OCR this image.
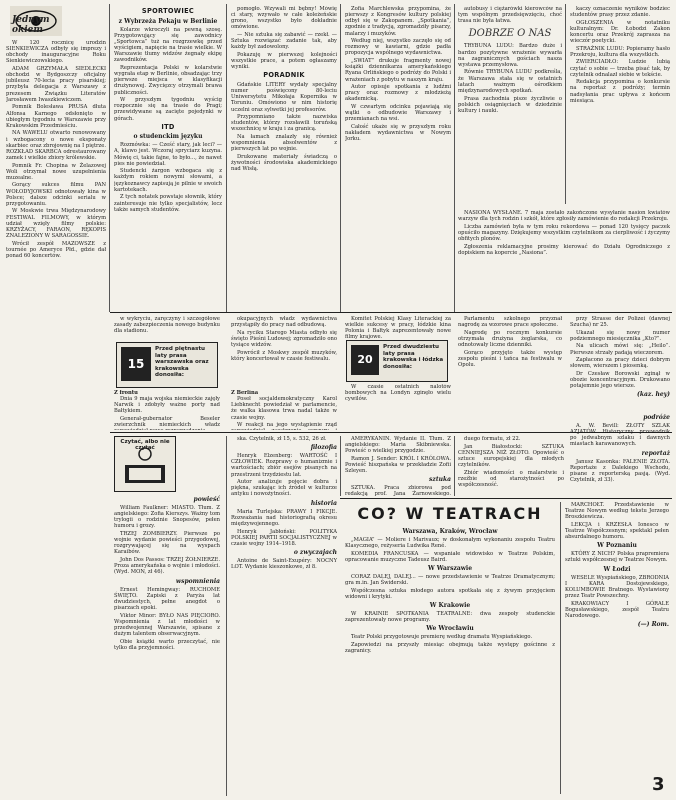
Jednym okiem

W 120 rocznicę urodzin SIENKIEWICZA odbyły się imprezy i obchody inauguracyjne Roku Sienkiewiczowskiego.

ADAM GRZYMAŁA SIEDLECKI obchodzi w Bydgoszczy oficjalny jubileusz 70-lecia pracy pisarskiej; przybyła delegacja z Warszawy z prezesem Związku Literatów Jarosławem Iwaszkiewiczem.

Pomnik Bolesława PRUSA dłuta Alfonsa Karnego odsłonięto w ubiegłym tygodniu w Warszawie przy Krakowskim Przedmieściu.

NA WAWELU otwarto renowowany i wzbogacony o nowe eksponaty skarbiec oraz zbrojownię na I piętrze. ROZKŁAD SKARBCA odrestaurowany zamek i wielkie zbiory królewskie.

Pomnik Fr. Chopina w Żelazowej Woli otrzymał nowe uzupełnienia muzealne.

Gorący sukces filmu PAN WOŁODYJOWSKI odnotowały kina w Polsce; dalsze odcinki serialu w przygotowaniu.

W Moskwie trwa Międzynarodowy FESTIWAL FILMOWY, w którym udział wzięły filmy polskie: KRZYŻACY, FARAON, RĘKOPIS ZNALEZIONY W SARAGOSSIE.

Wrócił zespół MAZOWSZE z tournée po Ameryce Płd., gdzie dał ponad 60 koncertów.

SPORTOWIEC
z Wybrzeża Pekaju w Berlinie

Kolarze wkroczyli na pewną szosę. Przygotowujący się zawodnicy „Sportowca” tuż na rozgrzewkę przed wyścigiem, napięcie na trasie wielkie. W Warszawie tłumy widzów żegnały ekipę zawodników.

Reprezentacja Polski w kolarstwie wygrała etap w Berlinie, obsadzając trzy pierwsze miejsca w klasyfikacji drużynowej. Zwycięzcy otrzymali brawa publiczności.

W przyszłym tygodniu wyścig rozpocznie się na trasie do Pragi; przewidywane są zacięte pojedynki w górach.

ITD
o studenckim języku

Rozmówka: — Cześć stary, jak leci? — A, klawo jest. Wczoraj spryciarz kuzyna. Mówię ci, takie fajne, to było..., że nawet pies nie powiedział.

Studencki żargon wzbogaca się z każdym rokiem nowymi słowami, a językoznawcy zapisują je pilnie w swoich kartotekach.

Z tych notatek powstaje słownik, który zainteresuje nie tylko specjalistów, lecz także samych studentów.

pomogło. Wzywali mi bębny! Mówię ci stary, wzywało w całe koleżeńskie grono, wszystko było dokładnie omówione.

— Nie sztuka się zabawić — rzekł. — Sztuka rozwiązać zadanie tak, aby każdy był zadowolony.

Pokazuję w pierwszej kolejności wszystkie prace, a potem ogłaszamy wyniki.

PORADNIK

Gdańskie LITERY wydały specjalny numer poświęcony 80-leciu Uniwersytetu Mikołaja Kopernika w Toruniu. Omówiono w nim historię uczelni oraz sylwetki jej profesorów.

Przypomniano także nazwiska studentów, którzy rozsławili toruńską wszechnicę w kraju i za granicą.

Na łamach znalazły się również wspomnienia absolwentów z pierwszych lat po wojnie.

Drukowane materiały świadczą o żywotności środowiska akademickiego nad Wisłą.

Zofia Marchlewska przypomina, że pierwszy z Kongresów kultury polskiej odbył się w Zakopanem. „Spotkania”, zgodnie z tradycją, zgromadziły pisarzy, malarzy i muzyków.

Według niej, wszystko zaczęło się od rozmowy w kawiarni, gdzie padła propozycja wspólnego wydawnictwa.

„SWIAT” drukuje fragmenty nowej książki dziennikarza amerykańskiego Ryana Orlińskiego o podróży do Polski i wrażeniach z pobytu w naszym kraju.

Autor opisuje spotkania z ludźmi pracy oraz rozmowy z młodzieżą akademicką.

W czwartym odcinku pojawiają się wątki o odbudowie Warszawy i przemianach na wsi.

Całość ukaże się w przyszłym roku nakładem wydawnictwa w Nowym Jorku.

autobusy i ciężarówki kierowców na tym wspólnym przedsięwzięciu, choć trasa nie była łatwa.

DOBRZE O NAS

TRYBUNA LUDU: Bardzo duże i bardzo pozytywne wrażenie wywarła na zagranicznych gościach nasza wystawa przemysłowa.

Równie TRYBUNA LUDU podkreśla, że Warszawa stała się w ostatnich latach ważnym ośrodkiem międzynarodowych spotkań.

Prasa zachodnia pisze życzliwie o polskich osiągnięciach w dziedzinie kultury i nauki.

kaczy oznaczenie wyników bodziec studentów prasy przez zdanie.

OGŁOSZENIA w notatniku kulturalnym: Dr. Łobodzi Zakon koncertu oraz Przekrój zaprasza na wieczór poetycki.

STRAŻNIK LUDU: Popieramy hasło Przekroju, kultura dla wszystkich.

ZWIERCIADŁO: Ludzie lubią czytać o sobie — trzeba pisać tak, by czytelnik odnalazł siebie w tekście.

Redakcja przypomina o konkursie na reportaż z podróży; termin nadsyłania prac upływa z końcem miesiąca.

NASIONA WYSŁANE. 7 maja zostało zakończone wysyłanie nasion kwiatów warzyw dla tych rodzin i szkół, które zgłosiły zamówienie do redakcji Przekroju.

Liczba zamówień była w tym roku rekordowa — ponad 120 tysięcy paczek opuściło magazyny. Dziękujemy wszystkim czytelnikom za cierpliwość i życzymy obfitych plonów.

Zgłoszenia reklamacyjne prosimy kierować do Działu Ogrodniczego z dopiskiem na kopercie „Nasiona”.

w wykryciu, zaręczyny i szczegółowe zasady zabezpieczenia nowego budynku dla stadionu.

15
Przed piętnastu laty prasa warszawska oraz krakowska donosiła:

okupacyjnych władz wydawnictwa przystąpiły do pracy nad odbudową.

Na ryciku Starego Miasta odbyło się święto Pieśni Ludowej; zgromadziło ono tysiące widzów.

Powrócił z Moskwy zespół muzyków, który koncertował w czasie festiwalu.

Komitet Polskiej Klasy Literackiej za wielkie sukcesy w pracy, łódzkie kina Polonia i Bałtyk zaprezentowały nowe filmy krajowe.

20
Przed dwudziestu laty prasa krakowska i łódzka donosiła:

W czasie ostatnich nalotów bombowych na Londyn zginęło wielu cywilów.

Parlamentu szkolnego przyznał nagrodę za wzorowe prace społeczne.

Nagrodę po rocznym konkursie otrzymała drużyna żeglarska, co odnotowały liczne dzienniki.

Gorąco przyjęto także występ zespołu pieśni i tańca na festiwalu w Opolu.

przy Strasse der Polizei (dawnej Szucha) nr 25.

Ukazał się nowy numer podziemnego miesięcznika „Kto?”.

Na ulicach mówi się: „Heilo”. Pierwsze strzały padają wieczorem.

Zapłacono za pracy dzieci dobrym słowem, wierszem i piosenką.

Dr Czesław Borowski zginął w obozie koncentracyjnym. Drukowano potajemnie jego wiersze.

(kaz. hey)
Z frontu

Dnia 9 maja wojska niemieckie zajęły Narwik i zdobyły ważne porty nad Bałtykiem.

Generał-gubernator Beseler zwierzchnik niemieckich władz

Z Berlina

Poseł socjaldemokratyczny Karol Liebknecht powiedział w parlamencie, że walka klasowa trwa nadal także w czasie wojny.

W reakcji na jego wystąpienie rząd

Czytać, albo nie czytać
powieść

William Faulkner: MIASTO. Tłum. Z angielskiego: Zofia Kierszys. Ważny tom trylogii o rodzinie Snopesów, pełen humoru i grozy.

TRZEJ ZOMBIERZY. Pierwsze po wojnie wydanie powieści przygodowej, rozgrywającej się na wyspach Karaibów.

John Dos Passos: TRZEJ ŻOŁNIERZE. Proza amerykańska o wojnie i młodości. (Wyd. MON, zł 46).

wspomnienia

Ernest Hemingway: RUCHOME ŚWIĘTO. Zapiski z Paryża lat dwudziestych, pełne anegdot o pisarzach epoki.

Viktor Minor: BYŁO NAS PIĘCIORO. Wspomnienia z lat młodości w przedwojennej Warszawie, spisane z dużym talentem obserwacyjnym.

Obie książki warto przeczytać, nie tylko dla przyjemności.

ska. Czytelnik, zł 15, s. 532, 26 zł.

filozofia

Henryk Elzenberg: WARTOŚĆ I CZŁOWIEK. Rozprawy o humanizmie i wartościach; zbiór esejów pisanych na przestrzeni trzydziestu lat.

Autor analizuje pojęcie dobra i piękna, szukając ich źródeł w kulturze antyku i nowożytności.

historia

Maria Turlejska: PRAWY I FIKCJE. Rozważania nad historiografią okresu międzywojennego.

Henryk Jabłoński: POLITYKA POLSKIEJ PARTII SOCJALISTYCZNEJ w czasie wojny 1914–1918.

o zwyczajach

Antoine de Saint-Exupéry: NOCNY LOT. Wydanie kieszonkowe, zł 8.

AMERYKANIN. Wydanie II. Tłum. Z angielskiego: Maria Skibniewska. Powieść o wielkiej przygodzie.

Ramon J. Sender: KRÓL I KRÓLOWA. Powieść hiszpańska w przekładzie Zofii Szleyen.

sztuka

SZTUKA. Praca zbiorowa pod redakcją prof. Jana Żarnowskiego.

duego formatu, zł 22.

Jan Białostocki: SZTUKA CENNIEJSZA NIŻ ZŁOTO. Opowieść o sztuce europejskiej dla młodych czytelników.

Zbiór wiadomości o malarstwie i rzeźbie od starożytności po współczesność.

podróże

A. W. Bevill: ZŁOTY SZLAK AZJATÓW. Historyczny przewodnik po jedwabnym szlaku i dawnych miastach karawanowych.

reportaż

Janusz Kasonka: FALENIE ZŁOTA. Reportaże z Dalekiego Wschodu, pisane z reporterską pasją. (Wyd. Czytelnik, zł 33).

CO? W TEATRACH
Warszawa, Kraków, Wrocław

„MAGIA” — Moliere i Marivaux; w doskonałym wykonaniu zespołu Teatru Klasycznego, reżyseria Ludwika René.

KOMEDIA FRANCUSKA — wspaniałe widowisko w Teatrze Polskim, opracowanie muzyczne Tadeusz Baird.

W Warszawie

CORAZ DALEJ, DALEJ... — nowe przedstawienie w Teatrze Dramatycznym; gra m.in. Jan Świderski.

Współczesna sztuka młodego autora spotkała się z żywym przyjęciem widowni i krytyki.

W Krakowie

W KRAINIE SPOTKANIA TEATRALNE: dwa zespoły studenckie zaprezentowały nowe programy.

We Wrocławiu

Teatr Polski przygotowuje premierę według dramatu Wyspiańskiego.

Zapowiedzi na przyszły miesiąc obejmują także występy gościnne z zagranicy.

MARCHOŁT. Przedstawienie w Teatrze Nowym według tekstu Jerzego Broszkiewicza.

LEKCJA i KRZESŁA Ionesco w Teatrze Współczesnym; spektakl pełen absurdalnego humoru.

W Poznaniu

KTÓRY Z NICH? Polska prapremiera sztuki współczesnej w Teatrze Nowym.

W Łodzi

WESELE Wyspiańskiego, ZBRODNIA I KARA Dostojewskiego, KOLUMBOWIE Bratnego. Wystawiony przez Teatr Powszechny.

KRAKOWIACY I GÓRALE Bogusławskiego, zespół Teatru Narodowego.

(—) Rom.
3
